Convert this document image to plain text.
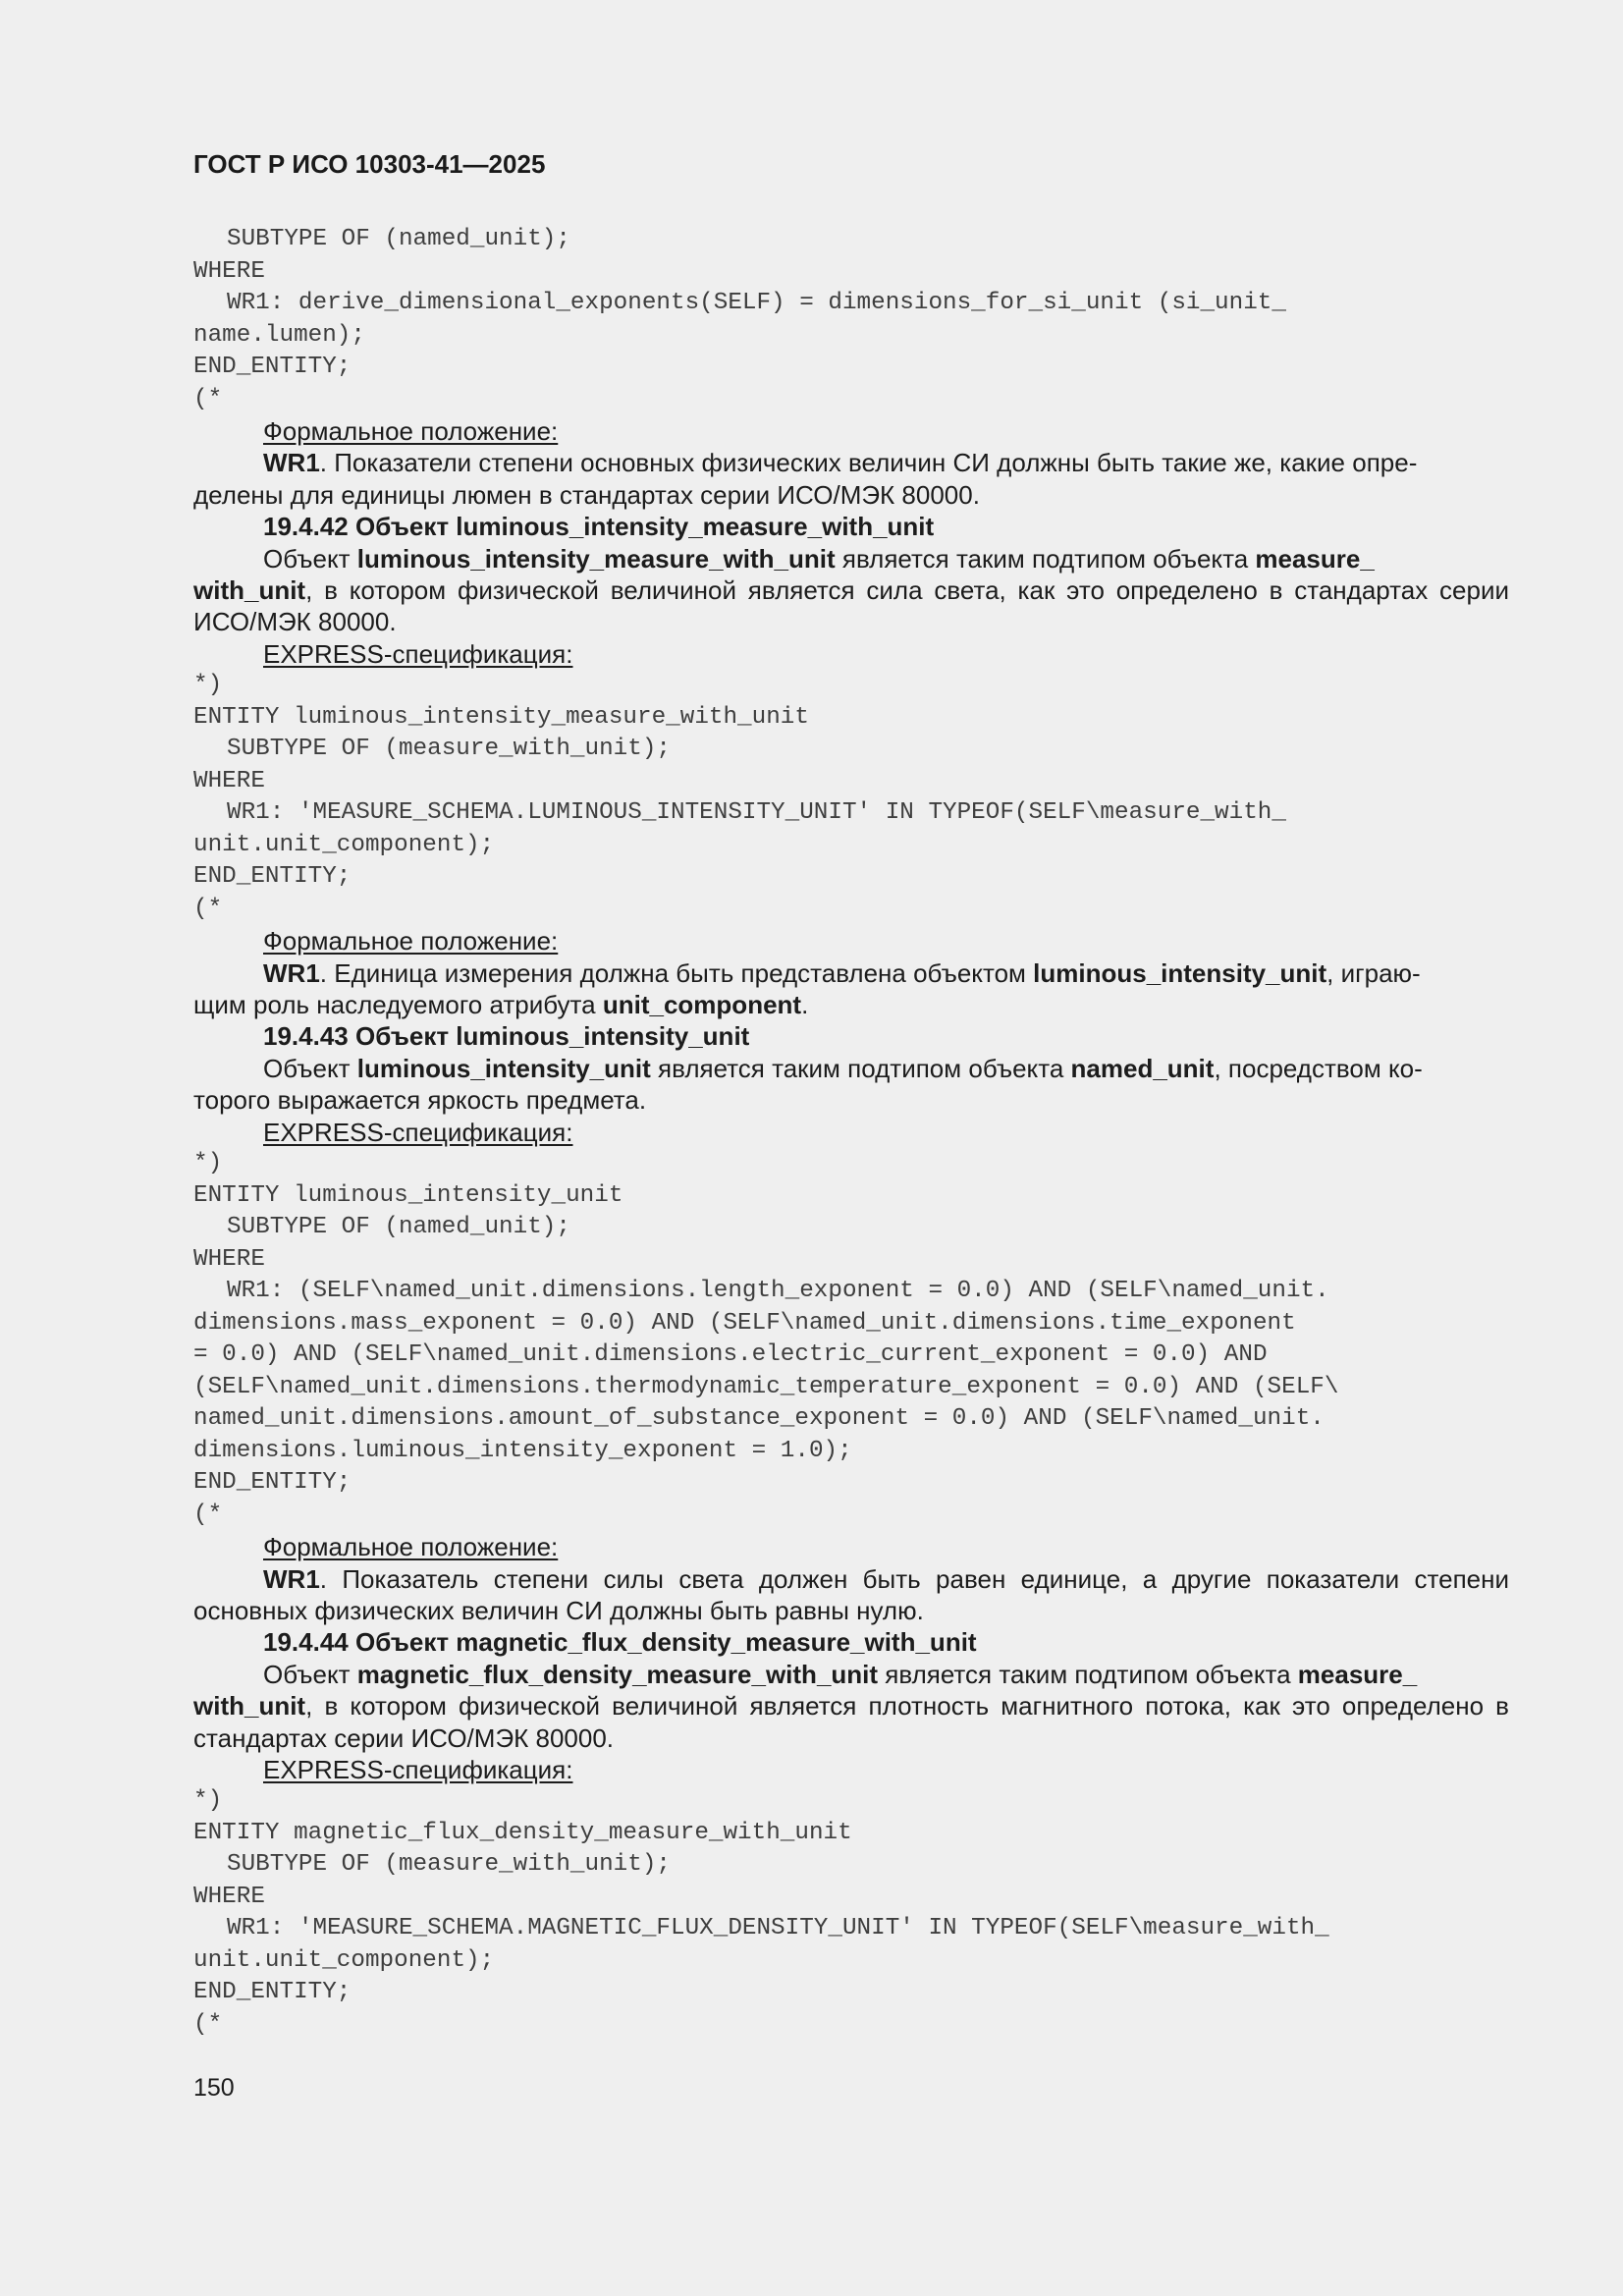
ГОСТ Р ИСО 10303-41—2025
SUBTYPE OF (named_unit);
WHERE
WR1: derive_dimensional_exponents(SELF) = dimensions_for_si_unit (si_unit_
name.lumen);
END_ENTITY;
(*
Формальное положение:
WR1. Показатели степени основных физических величин СИ должны быть такие же, какие опре-
делены для единицы люмен в стандартах серии ИСО/МЭК 80000.
19.4.42 Объект luminous_intensity_measure_with_unit
Объект luminous_intensity_measure_with_unit является таким подтипом объекта measure_
with_unit, в котором физической величиной является сила света, как это определено в стандартах серии ИСО/МЭК 80000.
EXPRESS-спецификация:
*)
ENTITY luminous_intensity_measure_with_unit
SUBTYPE OF (measure_with_unit);
WHERE
WR1: 'MEASURE_SCHEMA.LUMINOUS_INTENSITY_UNIT' IN TYPEOF(SELF\measure_with_
unit.unit_component);
END_ENTITY;
(*
Формальное положение:
WR1. Единица измерения должна быть представлена объектом luminous_intensity_unit, играю-
щим роль наследуемого атрибута unit_component.
19.4.43 Объект luminous_intensity_unit
Объект luminous_intensity_unit является таким подтипом объекта named_unit, посредством ко-
торого выражается яркость предмета.
EXPRESS-спецификация:
*)
ENTITY luminous_intensity_unit
SUBTYPE OF (named_unit);
WHERE
WR1: (SELF\named_unit.dimensions.length_exponent = 0.0) AND (SELF\named_unit.
dimensions.mass_exponent = 0.0) AND (SELF\named_unit.dimensions.time_exponent
= 0.0) AND (SELF\named_unit.dimensions.electric_current_exponent = 0.0) AND
(SELF\named_unit.dimensions.thermodynamic_temperature_exponent = 0.0) AND (SELF\
named_unit.dimensions.amount_of_substance_exponent = 0.0) AND (SELF\named_unit.
dimensions.luminous_intensity_exponent = 1.0);
END_ENTITY;
(*
Формальное положение:
WR1. Показатель степени силы света должен быть равен единице, а другие показатели степени основных физических величин СИ должны быть равны нулю.
19.4.44 Объект magnetic_flux_density_measure_with_unit
Объект magnetic_flux_density_measure_with_unit является таким подтипом объекта measure_
with_unit, в котором физической величиной является плотность магнитного потока, как это определено в стандартах серии ИСО/МЭК 80000.
EXPRESS-спецификация:
*)
ENTITY magnetic_flux_density_measure_with_unit
SUBTYPE OF (measure_with_unit);
WHERE
WR1: 'MEASURE_SCHEMA.MAGNETIC_FLUX_DENSITY_UNIT' IN TYPEOF(SELF\measure_with_
unit.unit_component);
END_ENTITY;
(*
150
